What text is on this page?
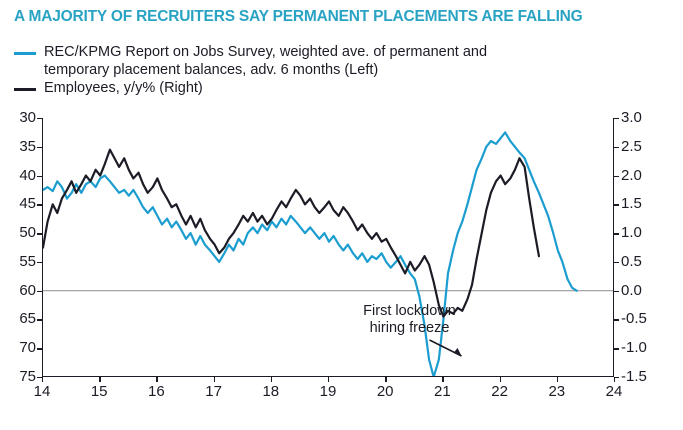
A MAJORITY OF RECRUITERS SAY PERMANENT PLACEMENTS ARE FALLING
REC/KPMG Report on Jobs Survey, weighted ave. of permanent and
temporary placement balances, adv. 6 months (Left)
Employees, y/y% (Right)
75
70
65
60
55
50
45
40
35
30
-1.5
-1.0
-0.5
0.0
0.5
1.0
1.5
2.0
2.5
3.0
14	15	16	17	18	19	20	21	22	23	24
First lockdown
hiring freeze
